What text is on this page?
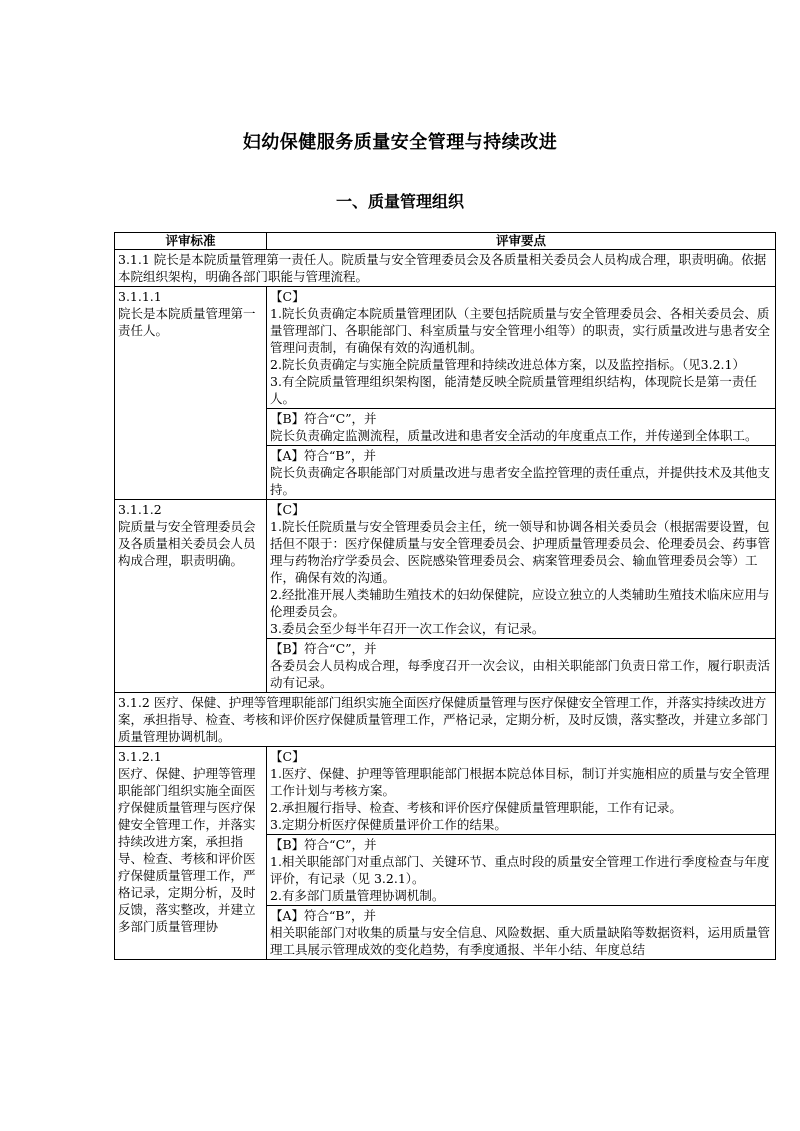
妇幼保健服务质量安全管理与持续改进
一、质量管理组织
评审标准	评审要点
3.1.1 院长是本院质量管理第一责任人。院质量与安全管理委员会及各质量相关委员会人员构成合理，职责明确。依据本院组织架构，明确各部门职能与管理流程。	

3.1.1.1
院长是本院质量管理第一责任人。	【C】
1.院长负责确定本院质量管理团队（主要包括院质量与安全管理委员会、各相关委员会、质量管理部门、各职能部门、科室质量与安全管理小组等）的职责，实行质量改进与患者安全管理问责制，有确保有效的沟通机制。
2.院长负责确定与实施全院质量管理和持续改进总体方案，以及监控指标。（见3.2.1）
3.有全院质量管理组织架构图，能清楚反映全院质量管理组织结构，体现院长是第一责任人。

	【B】符合“C”，并
院长负责确定监测流程，质量改进和患者安全活动的年度重点工作，并传递到全体职工。

	【A】符合“B”，并
院长负责确定各职能部门对质量改进与患者安全监控管理的责任重点，并提供技术及其他支持。

3.1.1.2
院质量与安全管理委员会及各质量相关委员会人员构成合理，职责明确。	【C】
1.院长任院质量与安全管理委员会主任，统一领导和协调各相关委员会（根据需要设置，包括但不限于：医疗保健质量与安全管理委员会、护理质量管理委员会、伦理委员会、药事管理与药物治疗学委员会、医院感染管理委员会、病案管理委员会、输血管理委员会等）工作，确保有效的沟通。
2.经批准开展人类辅助生殖技术的妇幼保健院，应设立独立的人类辅助生殖技术临床应用与伦理委员会。
3.委员会至少每半年召开一次工作会议，有记录。

	【B】符合“C”，并
各委员会人员构成合理，每季度召开一次会议，由相关职能部门负责日常工作，履行职责活动有记录。

3.1.2 医疗、保健、护理等管理职能部门组织实施全面医疗保健质量管理与医疗保健安全管理工作，并落实持续改进方案，承担指导、检查、考核和评价医疗保健质量管理工作，严格记录，定期分析，及时反馈，落实整改，并建立多部门质量管理协调机制。	

3.1.2.1
医疗、保健、护理等管理职能部门组织实施全面医疗保健质量管理与医疗保健安全管理工作，并落实持续改进方案，承担指导、检查、考核和评价医疗保健质量管理工作，严格记录，定期分析，及时反馈，落实整改，并建立多部门质量管理协	【C】
1.医疗、保健、护理等管理职能部门根据本院总体目标，制订并实施相应的质量与安全管理工作计划与考核方案。
2.承担履行指导、检查、考核和评价医疗保健质量管理职能，工作有记录。
3.定期分析医疗保健质量评价工作的结果。

	【B】符合“C”，并
1.相关职能部门对重点部门、关键环节、重点时段的质量安全管理工作进行季度检查与年度评价，有记录（见 3.2.1）。
2.有多部门质量管理协调机制。

	【A】符合“B”，并
相关职能部门对收集的质量与安全信息、风险数据、重大质量缺陷等数据资料，运用质量管理工具展示管理成效的变化趋势，有季度通报、半年小结、年度总结
